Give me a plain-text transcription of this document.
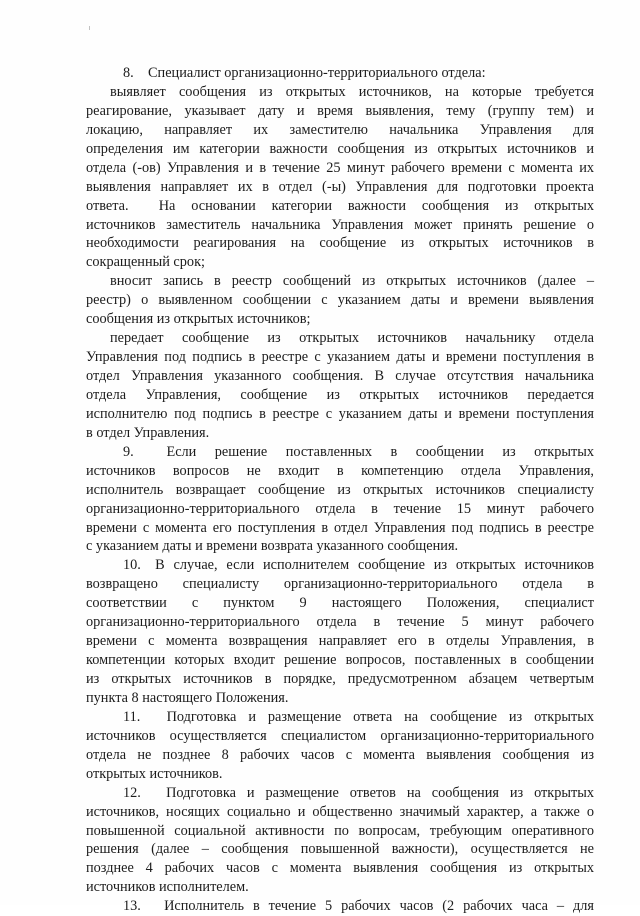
8. Специалист организационно-территориального отдела:
выявляет сообщения из открытых источников, на которые требуется
реагирование, указывает дату и время выявления, тему (группу тем) и
локацию, направляет их заместителю начальника Управления для
определения им категории важности сообщения из открытых источников и
отдела (-ов) Управления и в течение 25 минут рабочего времени с момента их
выявления направляет их в отдел (-ы) Управления для подготовки проекта
ответа.  На основании категории важности сообщения из открытых
источников заместитель начальника Управления может принять решение о
необходимости реагирования на сообщение из открытых источников в
сокращенный срок;
вносит запись в реестр сообщений из открытых источников (далее –
реестр) о выявленном сообщении с указанием даты и времени выявления
сообщения из открытых источников;
передает сообщение из открытых источников начальнику отдела
Управления под подпись в реестре с указанием даты и времени поступления в
отдел Управления указанного сообщения. В случае отсутствия начальника
отдела Управления, сообщение из открытых источников передается
исполнителю под подпись в реестре с указанием даты и времени поступления
в отдел Управления.
9.  Если решение поставленных в сообщении из открытых
источников вопросов не входит в компетенцию отдела Управления,
исполнитель возвращает сообщение из открытых источников специалисту
организационно-территориального отдела в течение 15 минут рабочего
времени с момента его поступления в отдел Управления под подпись в реестре
с указанием даты и времени возврата указанного сообщения.
10. В случае, если исполнителем сообщение из открытых источников
возвращено специалисту организационно-территориального отдела в
соответствии с пунктом 9 настоящего Положения, специалист
организационно-территориального отдела в течение 5 минут рабочего
времени с момента возвращения направляет его в отделы Управления, в
компетенции которых входит решение вопросов, поставленных в сообщении
из открытых источников в порядке, предусмотренном абзацем четвертым
пункта 8 настоящего Положения.
11.  Подготовка и размещение ответа на сообщение из открытых
источников осуществляется специалистом организационно-территориального
отдела не позднее 8 рабочих часов с момента выявления сообщения из
открытых источников.
12.  Подготовка и размещение ответов на сообщения из открытых
источников, носящих социально и общественно значимый характер, а также о
повышенной социальной активности по вопросам, требующим оперативного
решения (далее – сообщения повышенной важности), осуществляется не
позднее 4 рабочих часов с момента выявления сообщения из открытых
источников исполнителем.
13.  Исполнитель в течение 5 рабочих часов (2 рабочих часа – для
